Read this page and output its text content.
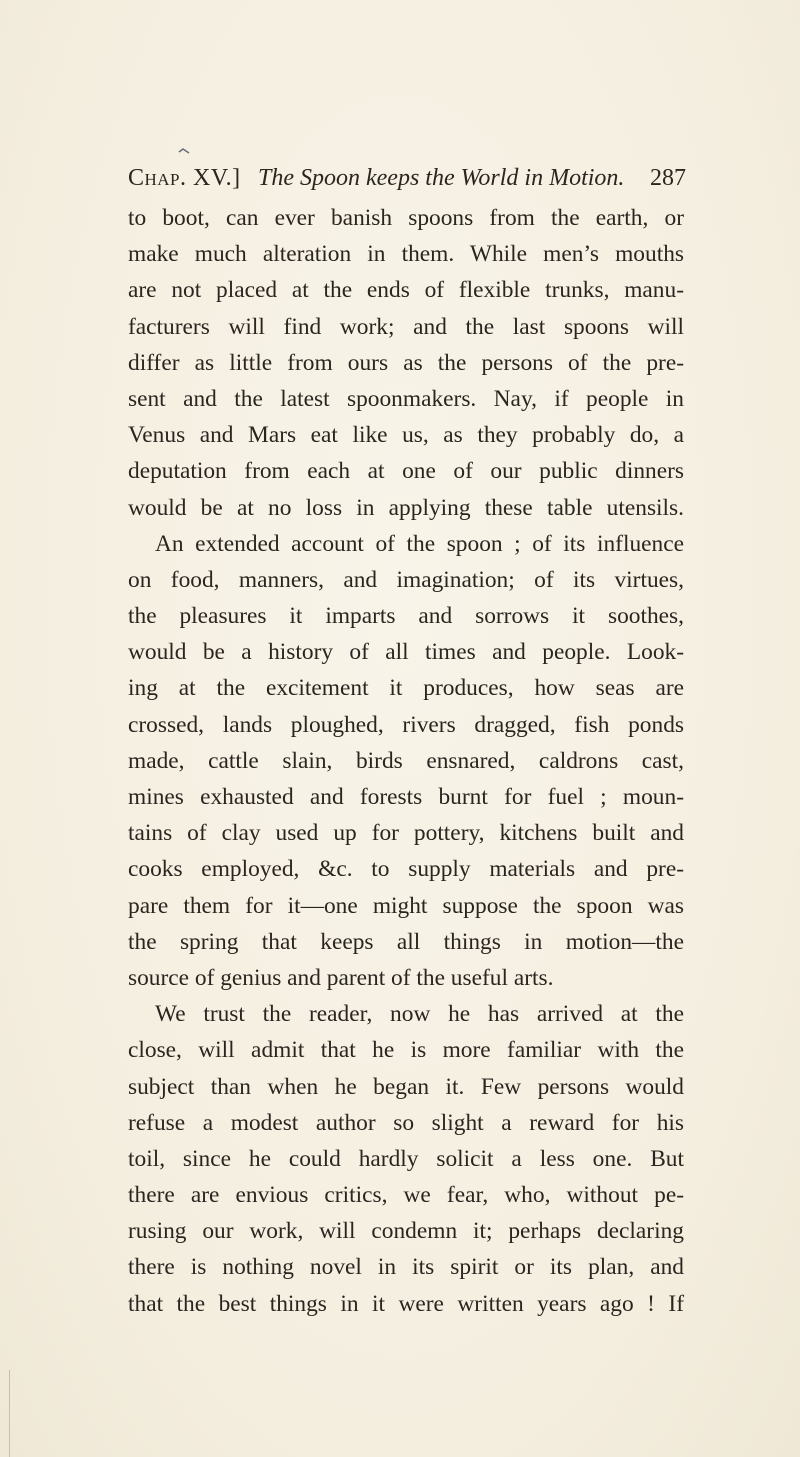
Chap. XV.] The Spoon keeps the World in Motion. 287
to boot, can ever banish spoons from the earth, or
make much alteration in them. While men’s mouths
are not placed at the ends of flexible trunks, manu-
facturers will find work; and the last spoons will
differ as little from ours as the persons of the pre-
sent and the latest spoonmakers. Nay, if people in
Venus and Mars eat like us, as they probably do, a
deputation from each at one of our public dinners
would be at no loss in applying these table utensils.
An extended account of the spoon ; of its influence
on food, manners, and imagination; of its virtues,
the pleasures it imparts and sorrows it soothes,
would be a history of all times and people. Look-
ing at the excitement it produces, how seas are
crossed, lands ploughed, rivers dragged, fish ponds
made, cattle slain, birds ensnared, caldrons cast,
mines exhausted and forests burnt for fuel ; moun-
tains of clay used up for pottery, kitchens built and
cooks employed, &c. to supply materials and pre-
pare them for it—one might suppose the spoon was
the spring that keeps all things in motion—the
source of genius and parent of the useful arts.
We trust the reader, now he has arrived at the
close, will admit that he is more familiar with the
subject than when he began it. Few persons would
refuse a modest author so slight a reward for his
toil, since he could hardly solicit a less one. But
there are envious critics, we fear, who, without pe-
rusing our work, will condemn it; perhaps declaring
there is nothing novel in its spirit or its plan, and
that the best things in it were written years ago ! If
